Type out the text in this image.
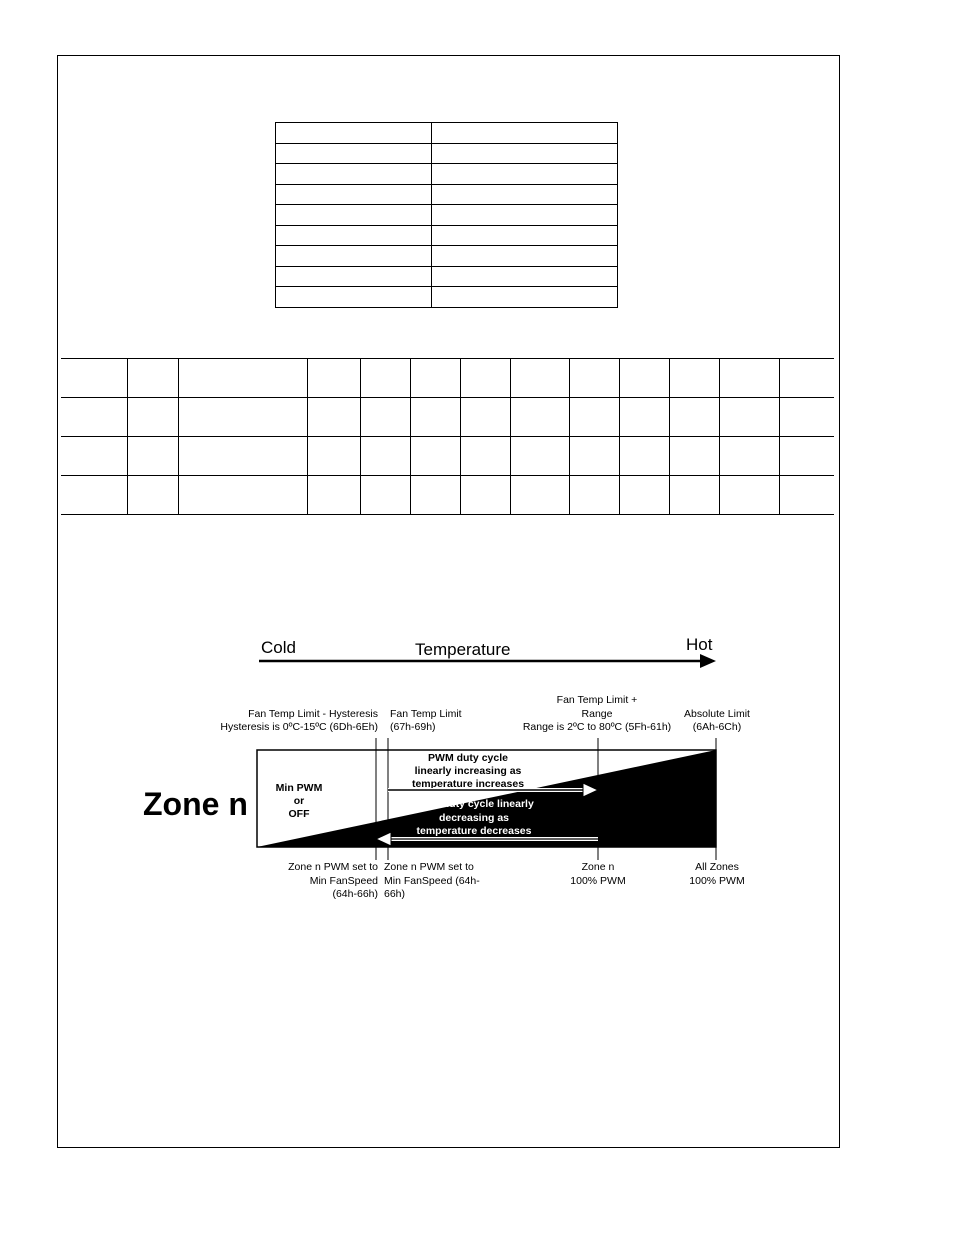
Cold	Temperature	Hot
Fan Temp Limit - Hysteresis
Hysteresis is 0ºC-15ºC (6Dh-6Eh)
Fan Temp Limit
(67h-69h)
Fan Temp Limit +
Range
Range is 2ºC to 80ºC (5Fh-61h)
Absolute Limit
(6Ah-6Ch)
Zone n	Min PWM
or
OFF
PWM duty cycle
linearly increasing as
temperature increases
PWM duty cycle linearly
decreasing as
temperature decreases
Zone n PWM set to
Min FanSpeed
(64h-66h)
Zone n PWM set to
Min FanSpeed (64h-
66h)
Zone n
100% PWM
All Zones
100% PWM
